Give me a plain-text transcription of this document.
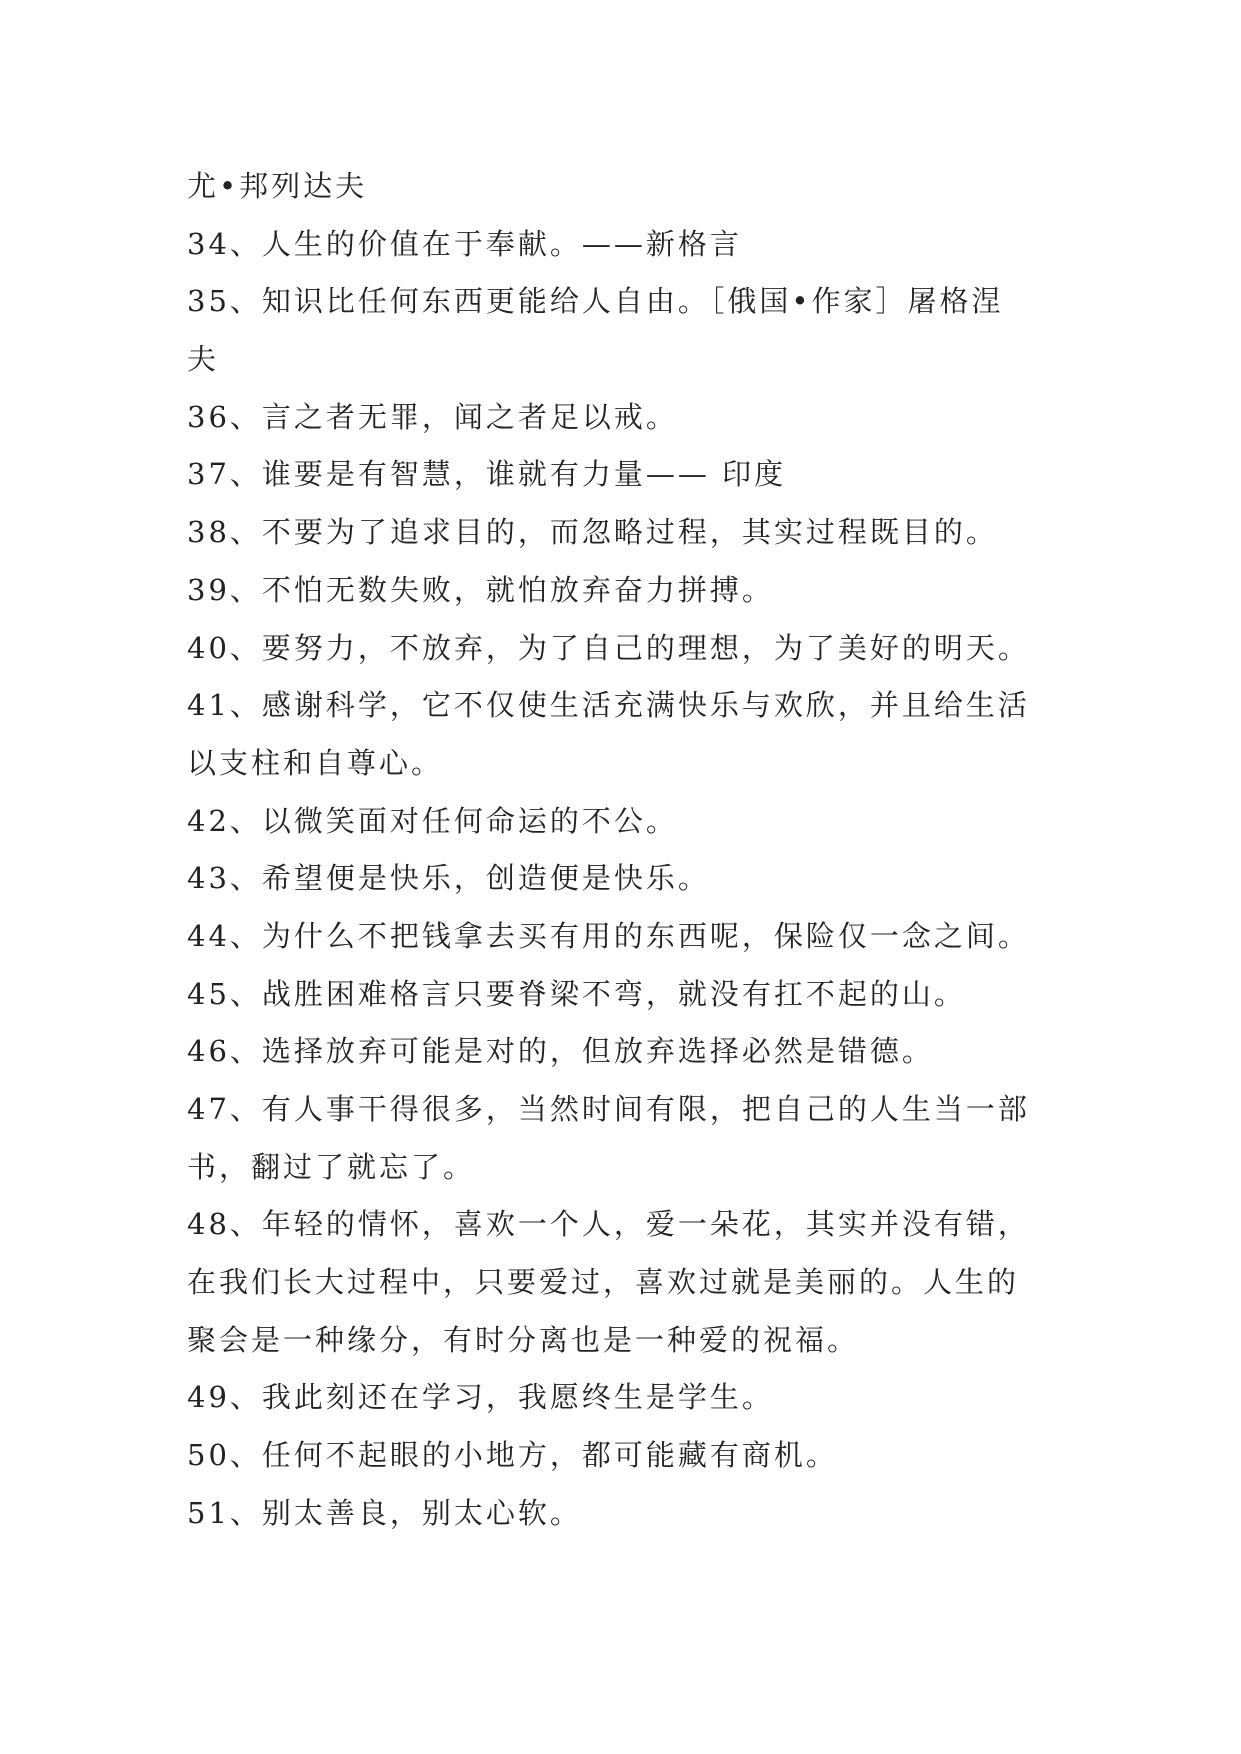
尤•邦列达夫
34、人生的价值在于奉献。——新格言
35、知识比任何东西更能给人自由。［俄国•作家］屠格涅
夫
36、言之者无罪，闻之者足以戒。
37、谁要是有智慧，谁就有力量—— 印度
38、不要为了追求目的，而忽略过程，其实过程既目的。
39、不怕无数失败，就怕放弃奋力拼搏。
40、要努力，不放弃，为了自己的理想，为了美好的明天。
41、感谢科学，它不仅使生活充满快乐与欢欣，并且给生活
以支柱和自尊心。
42、以微笑面对任何命运的不公。
43、希望便是快乐，创造便是快乐。
44、为什么不把钱拿去买有用的东西呢，保险仅一念之间。
45、战胜困难格言只要脊梁不弯，就没有扛不起的山。
46、选择放弃可能是对的，但放弃选择必然是错德。
47、有人事干得很多，当然时间有限，把自己的人生当一部
书，翻过了就忘了。
48、年轻的情怀，喜欢一个人，爱一朵花，其实并没有错，
在我们长大过程中，只要爱过，喜欢过就是美丽的。人生的
聚会是一种缘分，有时分离也是一种爱的祝福。
49、我此刻还在学习，我愿终生是学生。
50、任何不起眼的小地方，都可能藏有商机。
51、别太善良，别太心软。
